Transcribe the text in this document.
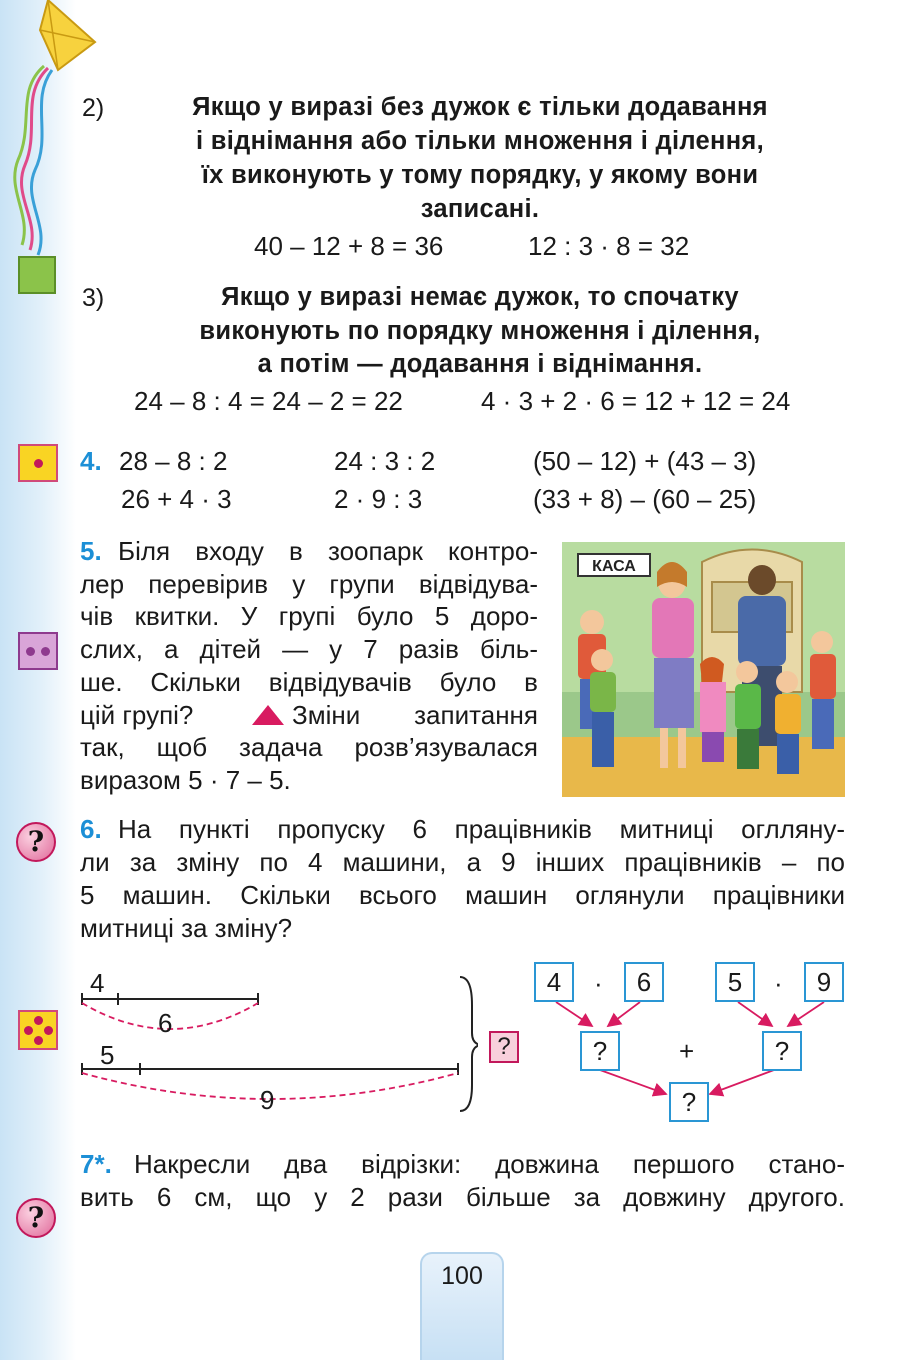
?
?
2)	Якщо у виразі без дужок є тільки додавання
і віднімання або тільки множення і ділення,
їх виконують у тому порядку, у якому вони
записані.
40 – 12 + 8 = 36	12 : 3 · 8 = 32
3)	Якщо у виразі немає дужок, то спочатку
виконують по порядку множення і ділення,
а потім — додавання і віднімання.
24 – 8 : 4 = 24 – 2 = 22	4 · 3 + 2 · 6 = 12 + 12 = 24
4. 28 – 8 : 2	24 : 3 : 2	(50 – 12) + (43 – 3)
26 + 4 · 3	2 · 9 : 3	(33 + 8) – (60 – 25)
5. Біля входу в зоопарк контро-
лер перевірив у групи відвідува-
чів квитки. У групі було 5 доро-
слих, а дітей — у 7 разів біль-
ше. Скільки відвідувачів було в
цій групі?	Зміни запитання
так, щоб задача розв’язувалася
виразом 5 · 7 – 5.
КАСА
6. На пункті пропуску 6 працівників митниці оглляну-
ли за зміну по 4 машини, а 9 інших працівників – по
5 машин. Скільки всього машин оглянули працівники
митниці за зміну?
4
6
5
9
?
4	·	6	5	·	9
?	+	?
?
7*. Накресли два відрізки: довжина першого стано-
вить 6 см, що у 2 рази більше за довжину другого.
100
